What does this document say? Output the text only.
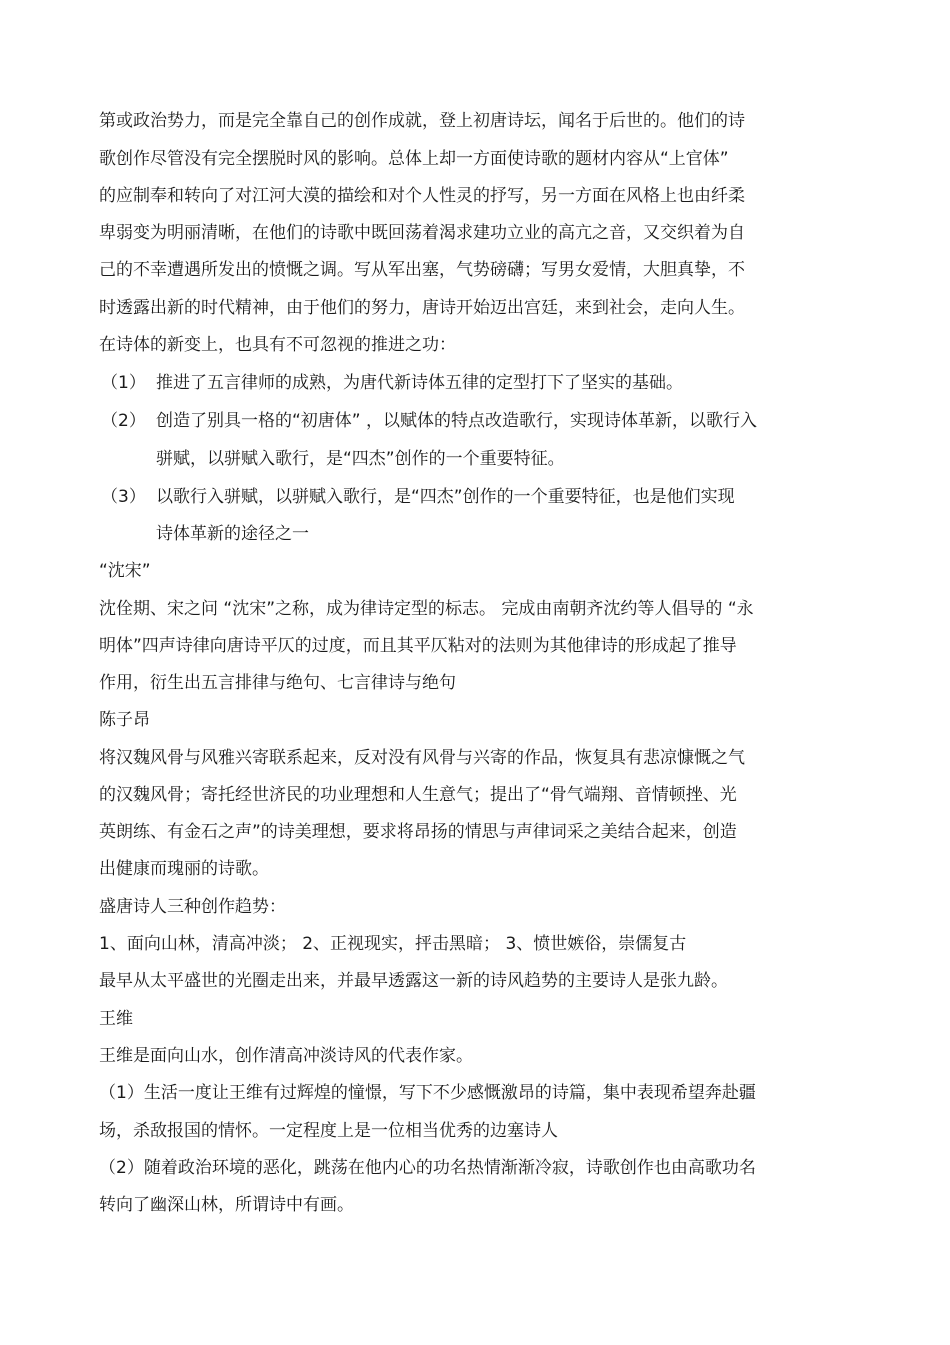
第或政治势力，而是完全靠自己的创作成就，登上初唐诗坛，闻名于后世的。他们的诗
歌创作尽管没有完全摆脱时风的影响。总体上却一方面使诗歌的题材内容从“上官体”
的应制奉和转向了对江河大漠的描绘和对个人性灵的抒写，另一方面在风格上也由纤柔
卑弱变为明丽清晰，在他们的诗歌中既回荡着渴求建功立业的高亢之音，又交织着为自
己的不幸遭遇所发出的愤慨之调。写从军出塞，气势磅礴；写男女爱情，大胆真挚，不
时透露出新的时代精神，由于他们的努力，唐诗开始迈出宫廷，来到社会，走向人生。
在诗体的新变上，也具有不可忽视的推进之功：
（1） 推进了五言律师的成熟，为唐代新诗体五律的定型打下了坚实的基础。
（2） 创造了别具一格的“初唐体” ，以赋体的特点改造歌行，实现诗体革新，以歌行入
骈赋，以骈赋入歌行，是“四杰”创作的一个重要特征。
（3） 以歌行入骈赋，以骈赋入歌行，是“四杰”创作的一个重要特征，也是他们实现
诗体革新的途径之一
“沈宋”
沈佺期、宋之问 “沈宋”之称，成为律诗定型的标志。 完成由南朝齐沈约等人倡导的 “永
明体”四声诗律向唐诗平仄的过度，而且其平仄粘对的法则为其他律诗的形成起了推导
作用，衍生出五言排律与绝句、七言律诗与绝句
陈子昂
将汉魏风骨与风雅兴寄联系起来，反对没有风骨与兴寄的作品，恢复具有悲凉慷慨之气
的汉魏风骨；寄托经世济民的功业理想和人生意气；提出了“骨气端翔、音情顿挫、光
英朗练、有金石之声”的诗美理想，要求将昂扬的情思与声律词采之美结合起来，创造
出健康而瑰丽的诗歌。
盛唐诗人三种创作趋势：
1、面向山林，清高冲淡； 2、正视现实，抨击黑暗； 3、愤世嫉俗，崇儒复古
最早从太平盛世的光圈走出来，并最早透露这一新的诗风趋势的主要诗人是张九龄。
王维
王维是面向山水，创作清高冲淡诗风的代表作家。
（1）生活一度让王维有过辉煌的憧憬，写下不少感慨激昂的诗篇，集中表现希望奔赴疆
场，杀敌报国的情怀。一定程度上是一位相当优秀的边塞诗人
（2）随着政治环境的恶化，跳荡在他内心的功名热情渐渐冷寂，诗歌创作也由高歌功名
转向了幽深山林，所谓诗中有画。
